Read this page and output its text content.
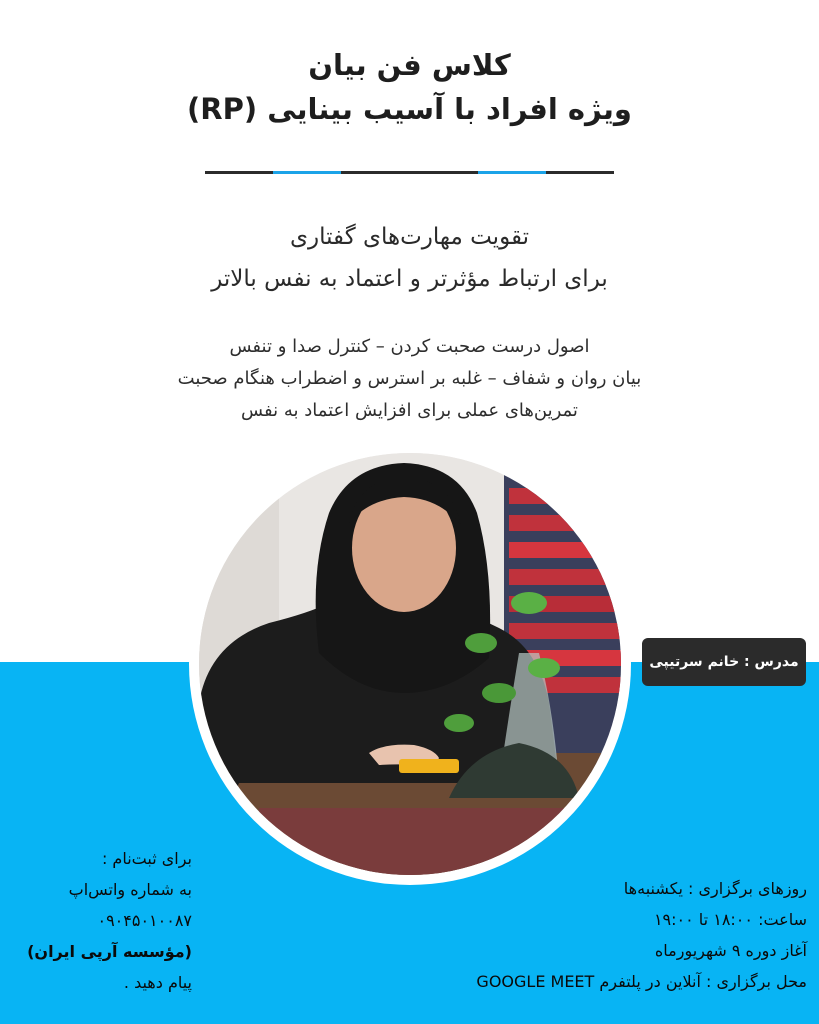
کلاس فن بیان
ویژه افراد با آسیب بینایی (RP)
تقویت مهارت‌های گفتاری
برای ارتباط مؤثرتر و اعتماد به نفس بالاتر
اصول درست صحبت کردن – کنترل صدا و تنفس
بیان روان و شفاف – غلبه بر استرس و اضطراب هنگام صحبت
تمرین‌های عملی برای افزایش اعتماد به نفس
مدرس : خانم سرتیپی
برای ثبت‌نام :
به شماره واتس‌اپ
۰۹۰۴۵۰۱۰۰۸۷
(مؤسسه آرپی ایران)
پیام دهید .
روزهای برگزاری : یکشنبه‌ها
ساعت: ۱۸:۰۰ تا ۱۹:۰۰
آغاز دوره ۹ شهریورماه
محل برگزاری : آنلاین در پلتفرم GOOGLE MEET
